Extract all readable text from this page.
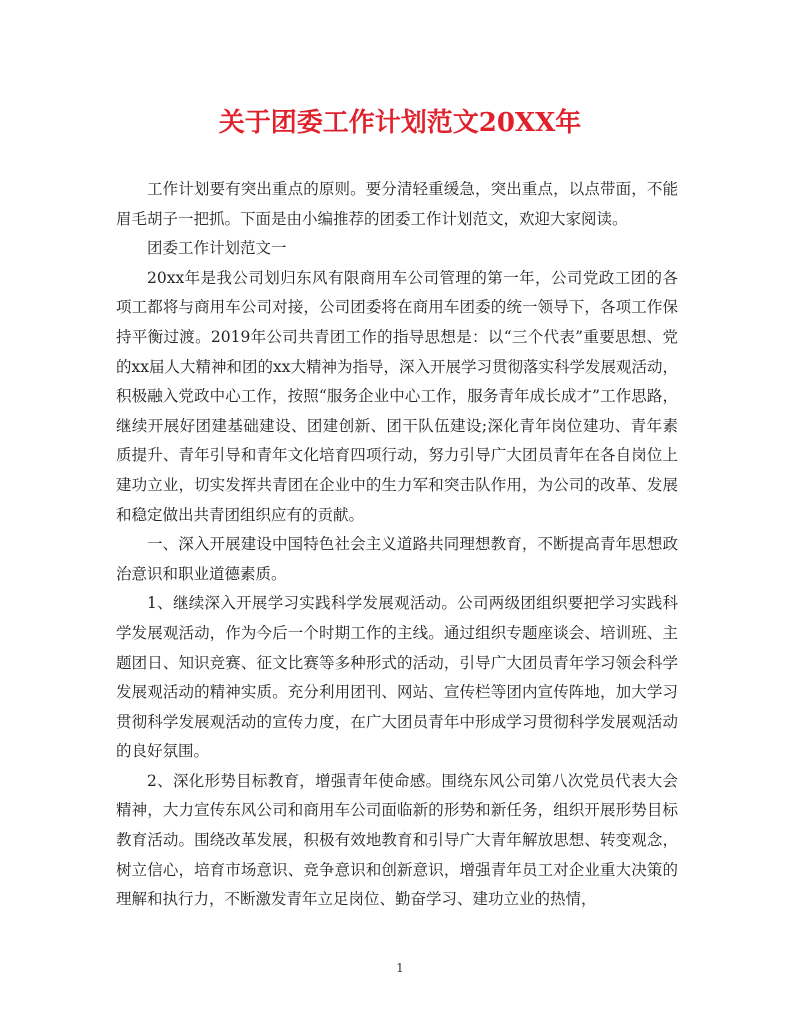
关于团委工作计划范文20XX年

工作计划要有突出重点的原则。要分清轻重缓急，突出重点，以点带面，不能眉毛胡子一把抓。下面是由小编推荐的团委工作计划范文，欢迎大家阅读。

团委工作计划范文一

20xx年是我公司划归东风有限商用车公司管理的第一年，公司党政工团的各项工都将与商用车公司对接，公司团委将在商用车团委的统一领导下，各项工作保持平衡过渡。2019年公司共青团工作的指导思想是：以“三个代表”重要思想、党的xx届人大精神和团的xx大精神为指导，深入开展学习贯彻落实科学发展观活动，积极融入党政中心工作，按照“服务企业中心工作，服务青年成长成才”工作思路，继续开展好团建基础建设、团建创新、团干队伍建设;深化青年岗位建功、青年素质提升、青年引导和青年文化培育四项行动，努力引导广大团员青年在各自岗位上建功立业，切实发挥共青团在企业中的生力军和突击队作用，为公司的改革、发展和稳定做出共青团组织应有的贡献。

一、深入开展建设中国特色社会主义道路共同理想教育，不断提高青年思想政治意识和职业道德素质。

1、继续深入开展学习实践科学发展观活动。公司两级团组织要把学习实践科学发展观活动，作为今后一个时期工作的主线。通过组织专题座谈会、培训班、主题团日、知识竞赛、征文比赛等多种形式的活动，引导广大团员青年学习领会科学发展观活动的精神实质。充分利用团刊、网站、宣传栏等团内宣传阵地，加大学习贯彻科学发展观活动的宣传力度，在广大团员青年中形成学习贯彻科学发展观活动的良好氛围。

2、深化形势目标教育，增强青年使命感。围绕东风公司第八次党员代表大会精神，大力宣传东风公司和商用车公司面临新的形势和新任务，组织开展形势目标教育活动。围绕改革发展，积极有效地教育和引导广大青年解放思想、转变观念，树立信心，培育市场意识、竞争意识和创新意识，增强青年员工对企业重大决策的理解和执行力，不断激发青年立足岗位、勤奋学习、建功立业的热情，

1
